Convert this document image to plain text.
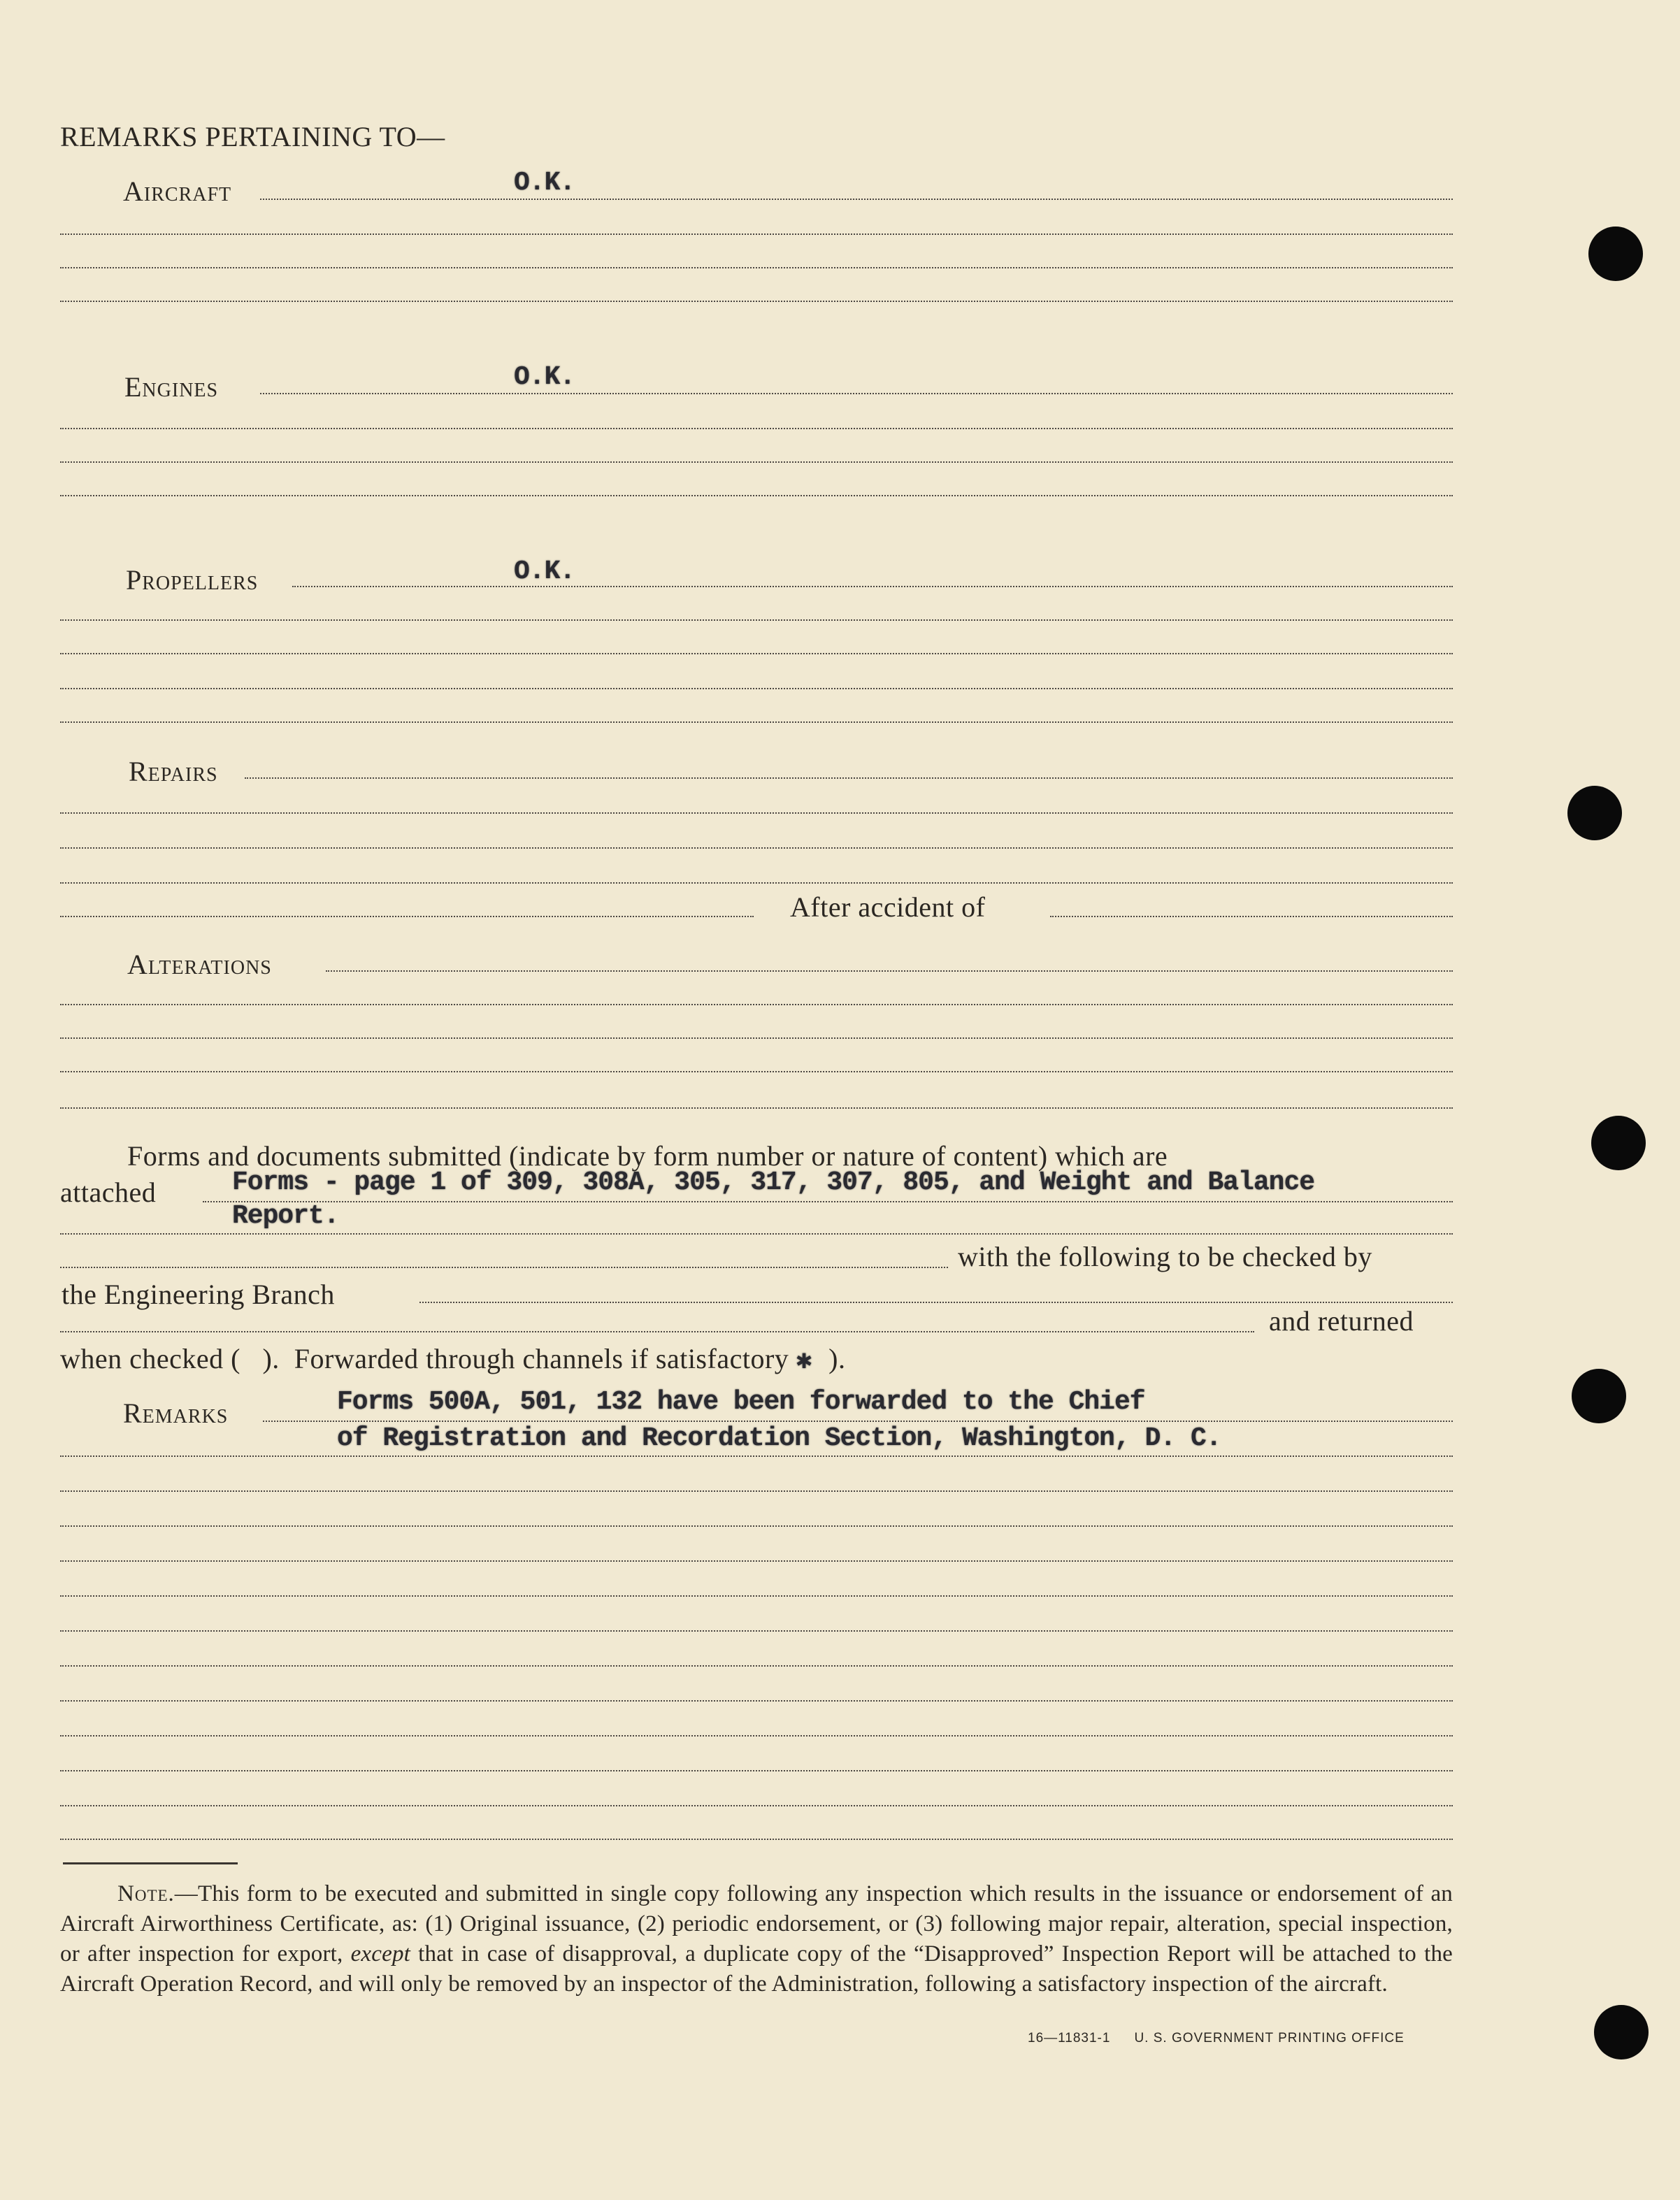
REMARKS PERTAINING TO—
Aircraft	O.K.
Engines	O.K.
Propellers	O.K.
Repairs
After accident of
Alterations
Forms and documents submitted (indicate by form number or nature of content) which are
attached	Forms - page 1 of 309, 308A, 305, 317, 307, 805, and Weight and Balance
Report.
with the following to be checked by
the Engineering Branch
and returned
when checked (   ).  Forwarded through channels if satisfactory ✱ ).
Remarks	Forms 500A, 501, 132 have been forwarded to the Chief
of Registration and Recordation Section, Washington, D. C.
Note.—This form to be executed and submitted in single copy following any inspection which results in the issuance or endorsement of an Aircraft Airworthiness Certificate, as: (1) Original issuance, (2) periodic endorsement, or (3) following major repair, alteration, special inspection, or after inspection for export, except that in case of disapproval, a duplicate copy of the “Disapproved” Inspection Report will be attached to the Aircraft Operation Record, and will only be removed by an inspector of the Administration, following a satisfactory inspection of the aircraft.
16—11831-1 U. S. GOVERNMENT PRINTING OFFICE
